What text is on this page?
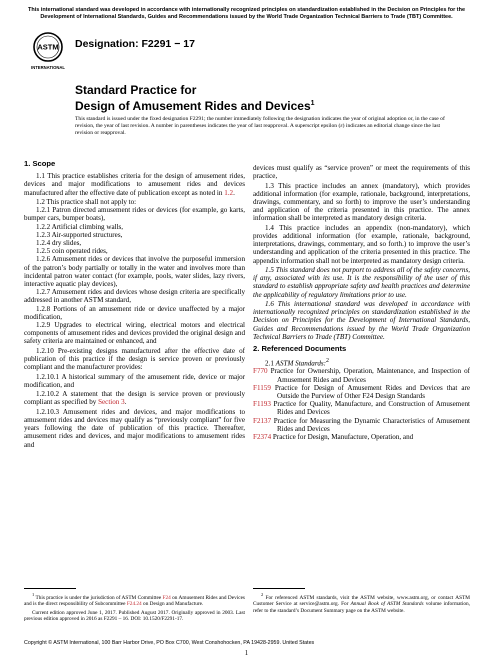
This international standard was developed in accordance with internationally recognized principles on standardization established in the Decision on Principles for the Development of International Standards, Guides and Recommendations issued by the World Trade Organization Technical Barriers to Trade (TBT) Committee.
ASTM
INTERNATIONAL
Designation: F2291 − 17
Standard Practice for
Design of Amusement Rides and Devices$^1$
This standard is issued under the fixed designation F2291; the number immediately following the designation indicates the year of original adoption or, in the case of revision, the year of last revision. A number in parentheses indicates the year of last reapproval. A superscript epsilon (ε) indicates an editorial change since the last revision or reapproval.

1. Scope

1.1 This practice establishes criteria for the design of amusement rides, devices and major modifications to amusement rides and devices manufactured after the effective date of publication except as noted in 1.2.

1.2 This practice shall not apply to:

1.2.1 Patron directed amusement rides or devices (for example, go karts, bumper cars, bumper boats),

1.2.2 Artificial climbing walls,

1.2.3 Air-supported structures,

1.2.4 dry slides,

1.2.5 coin operated rides,

1.2.6 Amusement rides or devices that involve the purposeful immersion of the patron’s body partially or totally in the water and involves more than incidental patron water contact (for example, pools, water slides, lazy rivers, interactive aquatic play devices),

1.2.7 Amusement rides and devices whose design criteria are specifically addressed in another ASTM standard,

1.2.8 Portions of an amusement ride or device unaffected by a major modification,

1.2.9 Upgrades to electrical wiring, electrical motors and electrical components of amusement rides and devices provided the original design and safety criteria are maintained or enhanced, and

1.2.10 Pre-existing designs manufactured after the effective date of publication of this practice if the design is service proven or previously compliant and the manufacturer provides:

1.2.10.1 A historical summary of the amusement ride, device or major modification, and

1.2.10.2 A statement that the design is service proven or previously compliant as specified by Section 3.

1.2.10.3 Amusement rides and devices, and major modifications to amusement rides and devices may qualify as “previously compliant” for five years following the date of publication of this practice. Thereafter, amusement rides and devices, and major modifications to amusement rides and

$^1$ This practice is under the jurisdiction of ASTM Committee F24 on Amusement Rides and Devices and is the direct responsibility of Subcommittee F24.24 on Design and Manufacture.

Current edition approved June 1, 2017. Published August 2017. Originally approved in 2003. Last previous edition approved in 2016 as F2291 – 16. DOI: 10.1520/F2291-17.

devices must qualify as “service proven” or meet the requirements of this practice,

1.3 This practice includes an annex (mandatory), which provides additional information (for example, rationale, background, interpretations, drawings, commentary, and so forth) to improve the user’s understanding and application of the criteria presented in this practice. The annex information shall be interpreted as mandatory design criteria.

1.4 This practice includes an appendix (non-mandatory), which provides additional information (for example, rationale, background, interpretations, drawings, commentary, and so forth.) to improve the user’s understanding and application of the criteria presented in this practice. The appendix information shall not be interpreted as mandatory design criteria.

1.5 This standard does not purport to address all of the safety concerns, if any, associated with its use. It is the responsibility of the user of this standard to establish appropriate safety and health practices and determine the applicability of regulatory limitations prior to use.

1.6 This international standard was developed in accordance with internationally recognized principles on standardization established in the Decision on Principles for the Development of International Standards, Guides and Recommendations issued by the World Trade Organization Technical Barriers to Trade (TBT) Committee.

2. Referenced Documents

2.1 ASTM Standards:$^2$

F770 Practice for Ownership, Operation, Maintenance, and Inspection of Amusement Rides and Devices

F1159 Practice for Design of Amusement Rides and Devices that are Outside the Purview of Other F24 Design Standards

F1193 Practice for Quality, Manufacture, and Construction of Amusement Rides and Devices

F2137 Practice for Measuring the Dynamic Characteristics of Amusement Rides and Devices

F2374 Practice for Design, Manufacture, Operation, and

$^2$ For referenced ASTM standards, visit the ASTM website, www.astm.org, or contact ASTM Customer Service at service@astm.org. For Annual Book of ASTM Standards volume information, refer to the standard’s Document Summary page on the ASTM website.

Copyright © ASTM International, 100 Barr Harbor Drive, PO Box C700, West Conshohocken, PA 19428-2959. United States
1
